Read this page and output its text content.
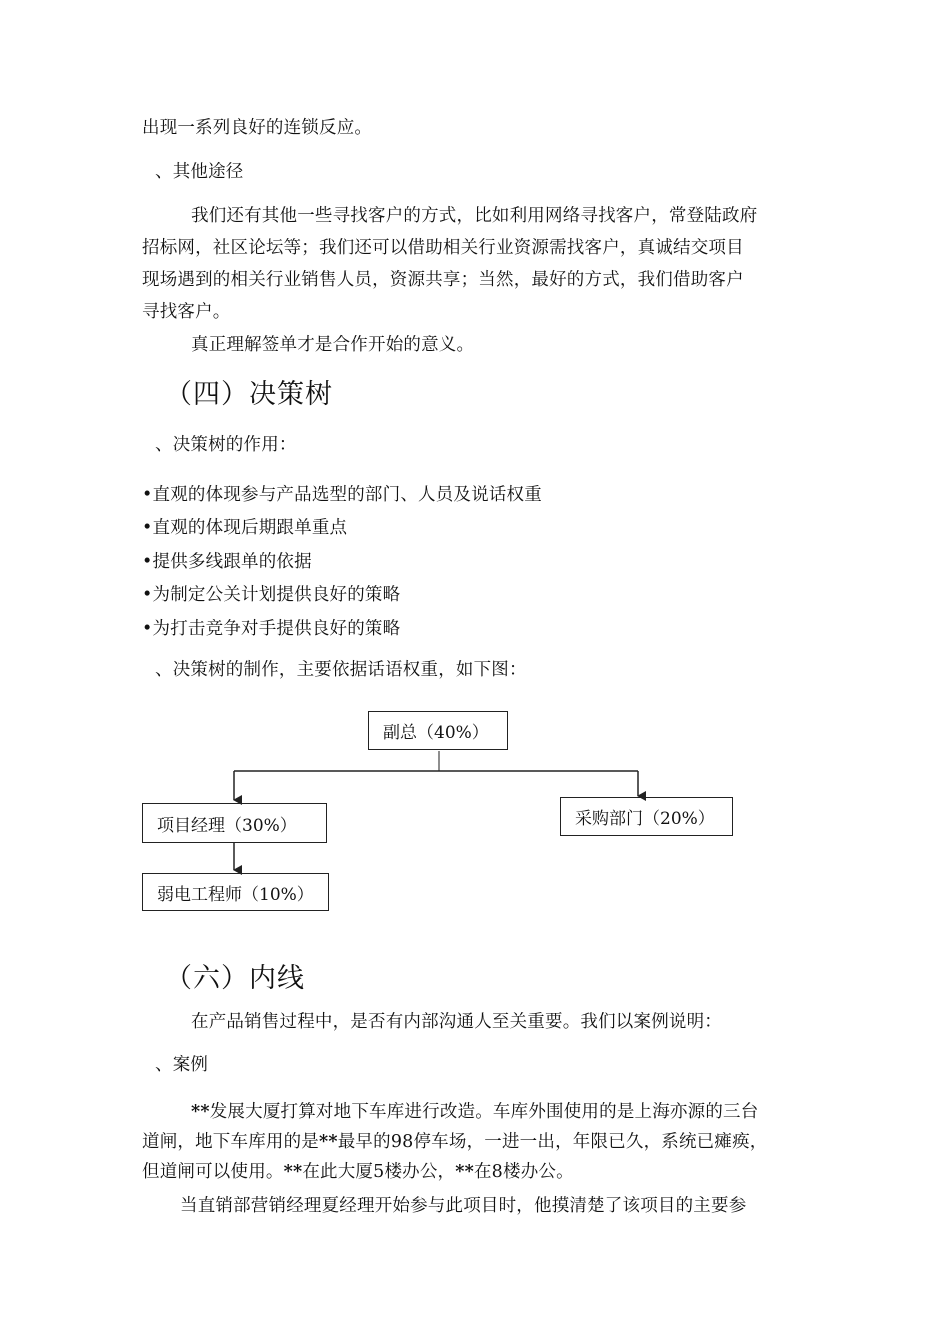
出现一系列良好的连锁反应。
、其他途径
我们还有其他一些寻找客户的方式，比如利用网络寻找客户，常登陆政府
招标网，社区论坛等；我们还可以借助相关行业资源需找客户，真诚结交项目
现场遇到的相关行业销售人员，资源共享；当然，最好的方式，我们借助客户
寻找客户。
真正理解签单才是合作开始的意义。
（四）决策树
、决策树的作用：
• 直观的体现参与产品选型的部门、人员及说话权重
• 直观的体现后期跟单重点
• 提供多线跟单的依据
• 为制定公关计划提供良好的策略
• 为打击竞争对手提供良好的策略
、决策树的制作，主要依据话语权重，如下图：
副总（40%）
项目经理（30%）	采购部门（20%）
弱电工程师（10%）
（六）内线
在产品销售过程中，是否有内部沟通人至关重要。我们以案例说明：
、案例
**发展大厦打算对地下车库进行改造。车库外围使用的是上海亦源的三台
道闸，地下车库用的是**最早的98停车场，一进一出，年限已久，系统已瘫痪，
但道闸可以使用。**在此大厦5楼办公，**在8楼办公。
当直销部营销经理夏经理开始参与此项目时，他摸清楚了该项目的主要参
